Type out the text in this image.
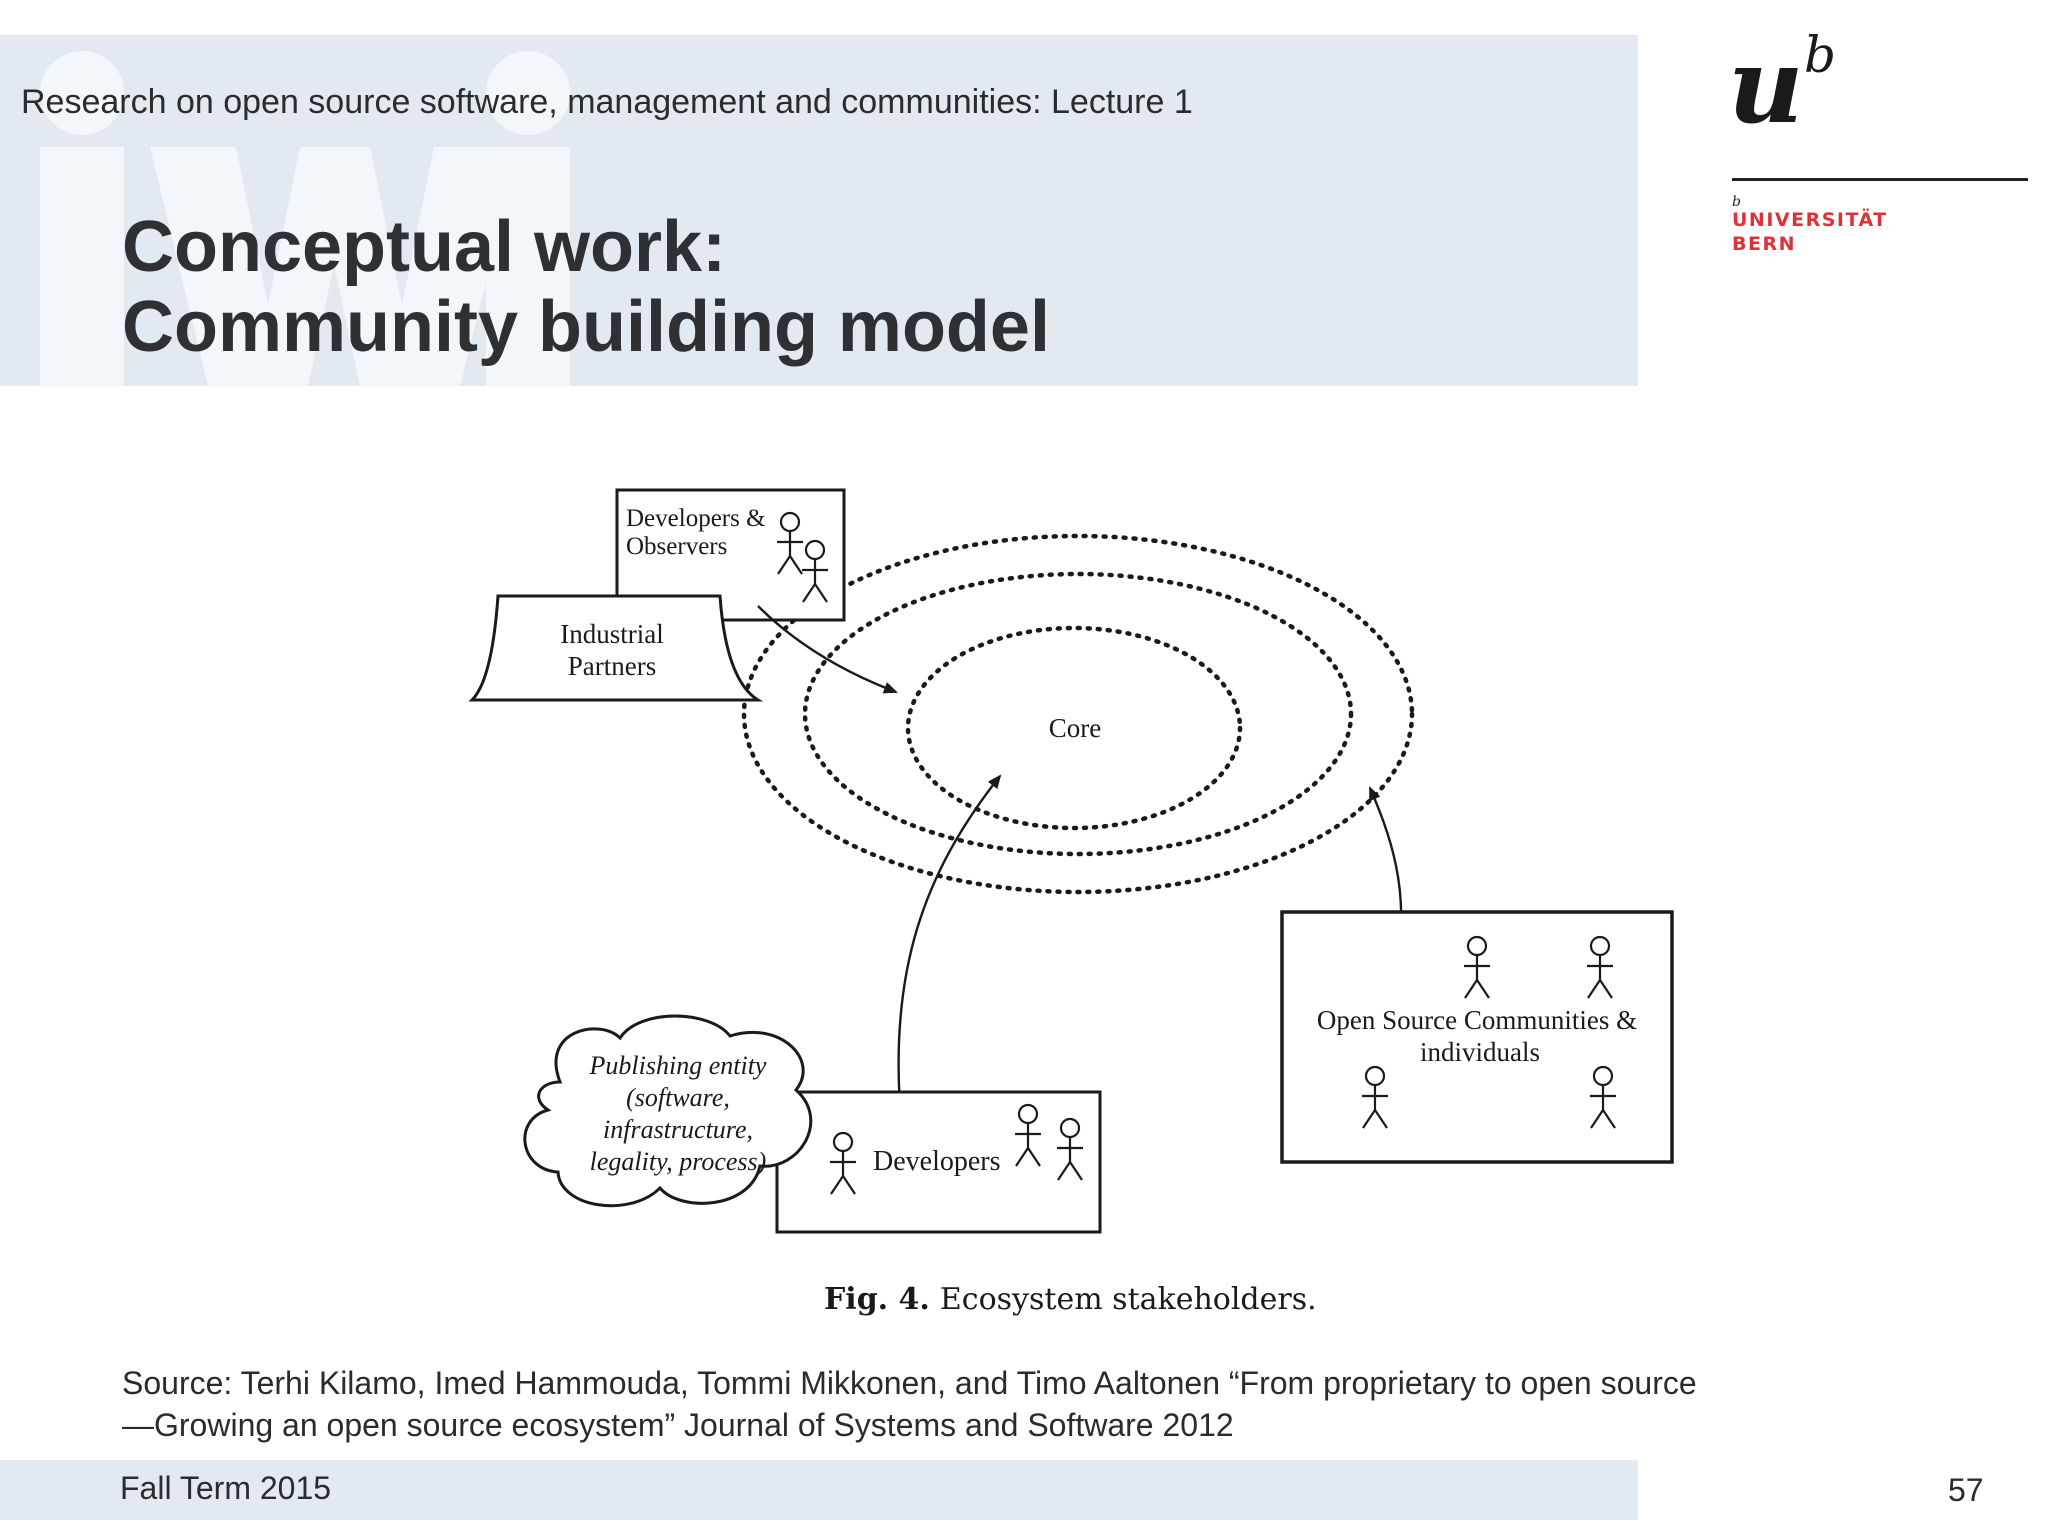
Research on open source software, management and communities: Lecture 1
Conceptual work:
Community building model
u b
b
UNIVERSITÄT
BERN
Core
Developers &
Observers
Industrial
Partners
Developers
Publishing entity
(software,
infrastructure,
legality, process)
Open Source Communities &
individuals
Fig. 4. Ecosystem stakeholders.
Source: Terhi Kilamo, Imed Hammouda, Tommi Mikkonen, and Timo Aaltonen “From proprietary to open source—Growing an open source ecosystem” Journal of Systems and Software 2012
Fall Term 2015	57
